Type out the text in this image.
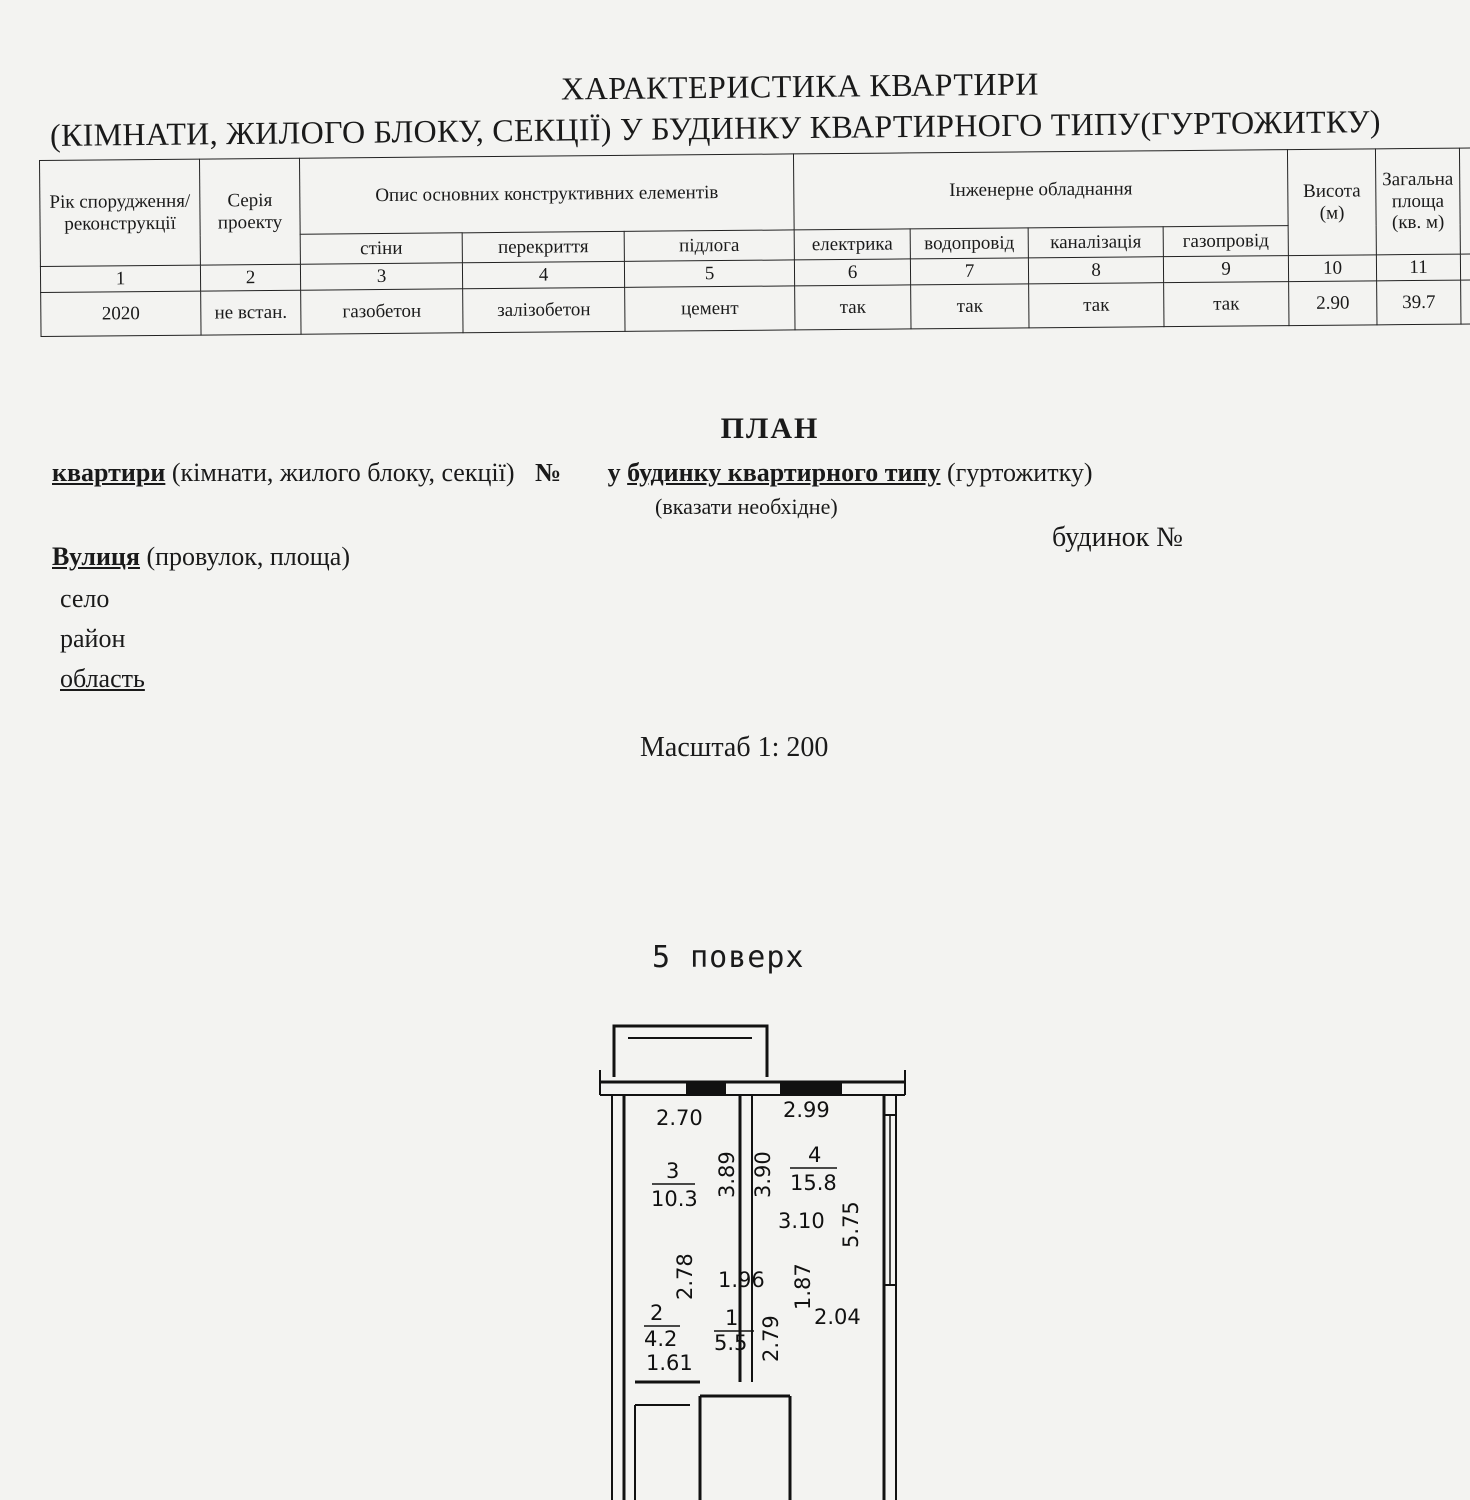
ХАРАКТЕРИСТИКА КВАРТИРИ
(КІМНАТИ, ЖИЛОГО БЛОКУ, СЕКЦІЇ) У БУДИНКУ КВАРТИРНОГО ТИПУ(ГУРТОЖИТКУ)
Рік спорудження/ реконструкції	Серія проекту	Опис основних конструктивних елементів			Інженерне обладнання				Висота (м)	Загальна площа (кв. м)	
		стіни	перекриття	підлога	електрика	водопровід	каналізація	газопровід			
1	2	3	4	5	6	7	8	9	10	11	
2020	не встан.	газобетон	залізобетон	цемент	так	так	так	так	2.90	39.7	
ПЛАН
квартири (кімнати, жилого блоку, секції) № у будинку квартирного типу (гуртожитку)
(вказати необхідне)
будинок №
Вулиця (провулок, площа)
село
район
область
Масштаб 1: 200
5 поверх
2.70	2.99
3.89 3.90
3.10 5.75
1.96 1.87
2.78
2.79 2.04
1.61
3
10.3
4
15.8
2
4.2
1
5.5
